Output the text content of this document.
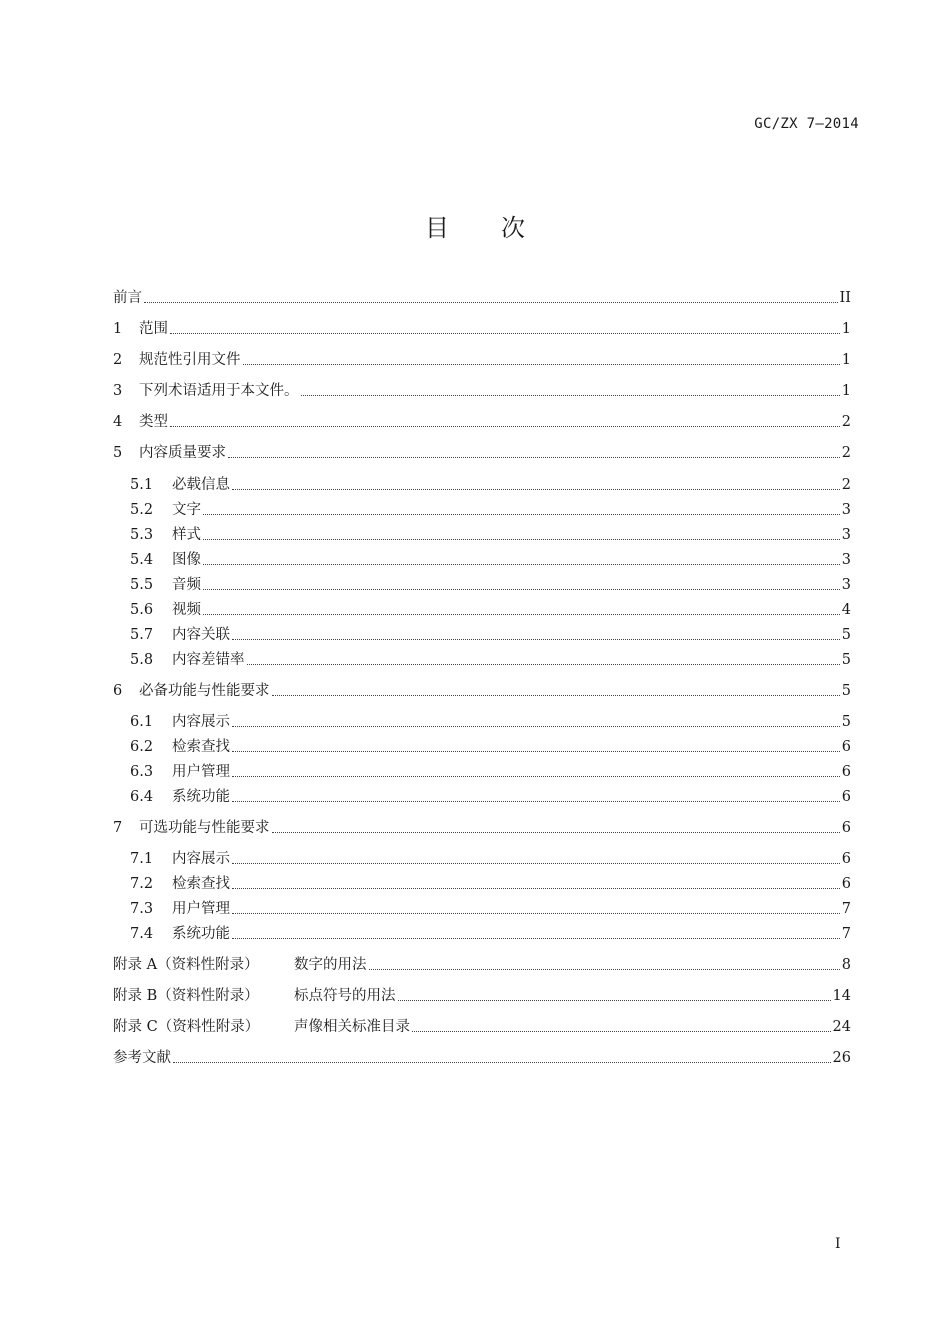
GC/ZX 7—2014
目 次
前言	II
1	范围	1
2	规范性引用文件	1
3	下列术语适用于本文件。	1
4	类型	2
5	内容质量要求	2
5.1	必载信息	2
5.2	文字	3
5.3	样式	3
5.4	图像	3
5.5	音频	3
5.6	视频	4
5.7	内容关联	5
5.8	内容差错率	5
6	必备功能与性能要求	5
6.1	内容展示	5
6.2	检索查找	6
6.3	用户管理	6
6.4	系统功能	6
7	可选功能与性能要求	6
7.1	内容展示	6
7.2	检索查找	6
7.3	用户管理	7
7.4	系统功能	7
附录 A（资料性附录）	数字的用法	8
附录 B（资料性附录）	标点符号的用法	14
附录 C（资料性附录）	声像相关标准目录	24
参考文献	26
I
